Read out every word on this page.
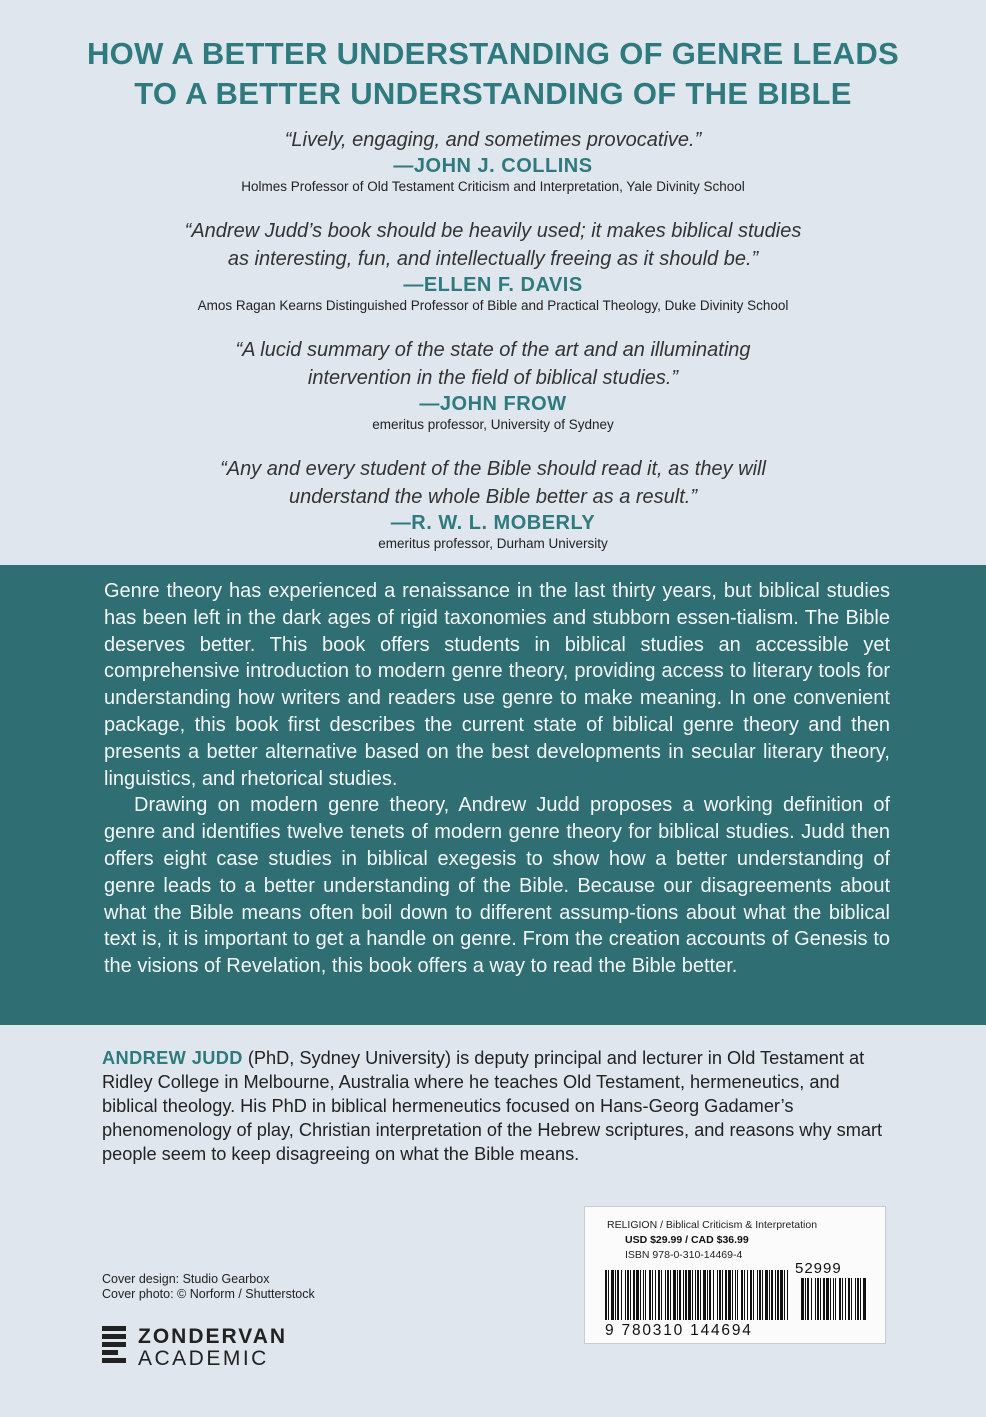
HOW A BETTER UNDERSTANDING OF GENRE LEADS
TO A BETTER UNDERSTANDING OF THE BIBLE
“Lively, engaging, and sometimes provocative.”
—JOHN J. COLLINS
Holmes Professor of Old Testament Criticism and Interpretation, Yale Divinity School
“Andrew Judd’s book should be heavily used; it makes biblical studies
as interesting, fun, and intellectually freeing as it should be.”
—ELLEN F. DAVIS
Amos Ragan Kearns Distinguished Professor of Bible and Practical Theology, Duke Divinity School
“A lucid summary of the state of the art and an illuminating
intervention in the field of biblical studies.”
—JOHN FROW
emeritus professor, University of Sydney
“Any and every student of the Bible should read it, as they will
understand the whole Bible better as a result.”
—R. W. L. MOBERLY
emeritus professor, Durham University

Genre theory has experienced a renaissance in the last thirty years, but biblical studies has been left in the dark ages of rigid taxonomies and stubborn essen-tialism. The Bible deserves better. This book offers students in biblical studies an accessible yet comprehensive introduction to modern genre theory, providing access to literary tools for understanding how writers and readers use genre to make meaning. In one convenient package, this book first describes the current state of biblical genre theory and then presents a better alternative based on the best developments in secular literary theory, linguistics, and rhetorical studies.

Drawing on modern genre theory, Andrew Judd proposes a working definition of genre and identifies twelve tenets of modern genre theory for biblical studies. Judd then offers eight case studies in biblical exegesis to show how a better understanding of genre leads to a better understanding of the Bible. Because our disagreements about what the Bible means often boil down to different assump-tions about what the biblical text is, it is important to get a handle on genre. From the creation accounts of Genesis to the visions of Revelation, this book offers a way to read the Bible better.

ANDREW JUDD (PhD, Sydney University) is deputy principal and lecturer in Old Testament at Ridley College in Melbourne, Australia where he teaches Old Testament, hermeneutics, and biblical theology. His PhD in biblical hermeneutics focused on Hans-Georg Gadamer’s phenomenology of play, Christian interpretation of the Hebrew scriptures, and reasons why smart people seem to keep disagreeing on what the Bible means.
Cover design: Studio Gearbox
Cover photo: © Norform / Shutterstock
ZONDERVAN
ACADEMIC
RELIGION / Biblical Criticism & Interpretation
USD $29.99 / CAD $36.99
ISBN 978-0-310-14469-4
52999
9 780310 144694
